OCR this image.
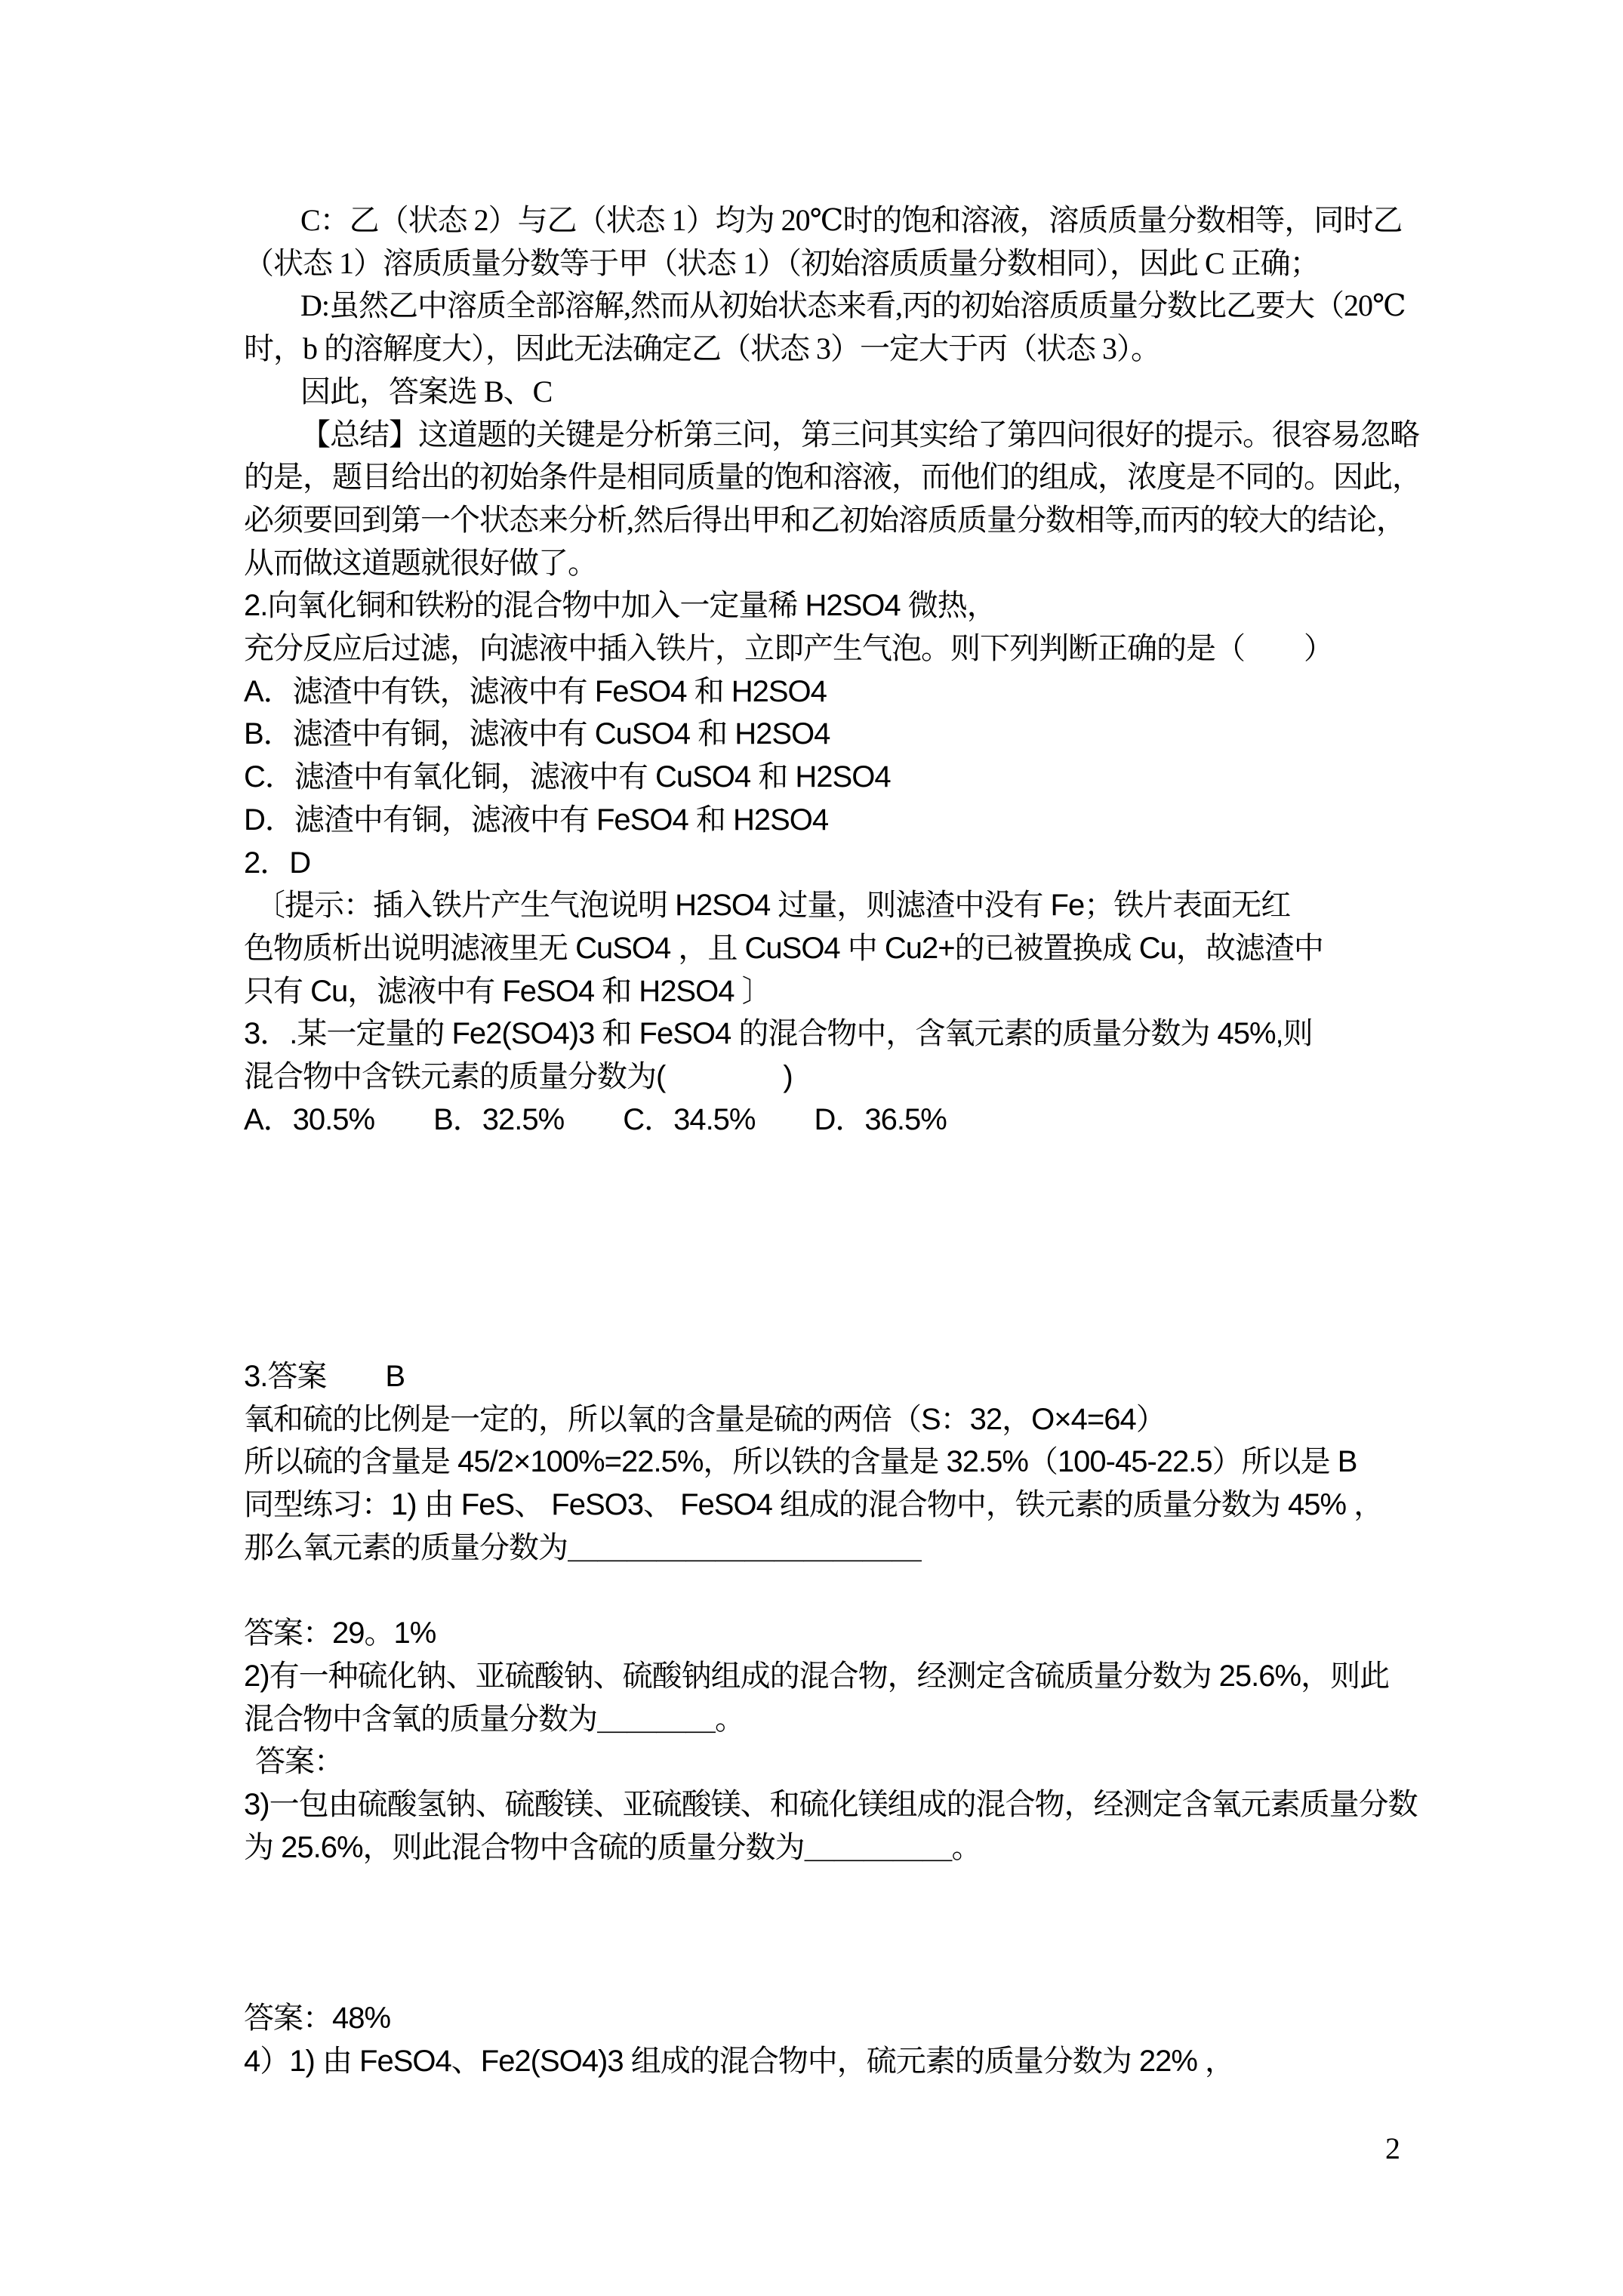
C：乙（状态 2）与乙（状态 1）均为 20℃时的饱和溶液，溶质质量分数相等，同时乙
（状态 1）溶质质量分数等于甲（状态 1）（初始溶质质量分数相同），因此 C 正确；
D:虽然乙中溶质全部溶解,然而从初始状态来看,丙的初始溶质质量分数比乙要大（20℃
时，b 的溶解度大），因此无法确定乙（状态 3）一定大于丙（状态 3）。
因此，答案选 B、C
【总结】这道题的关键是分析第三问，第三问其实给了第四问很好的提示。很容易忽略
的是，题目给出的初始条件是相同质量的饱和溶液，而他们的组成，浓度是不同的。因此，
必须要回到第一个状态来分析,然后得出甲和乙初始溶质质量分数相等,而丙的较大的结论，
从而做这道题就很好做了。
2.向氧化铜和铁粉的混合物中加入一定量稀 H2SO4 微热，
充分反应后过滤，向滤液中插入铁片，立即产生气泡。则下列判断正确的是（　　）
A．滤渣中有铁，滤液中有 FeSO4 和 H2SO4
B．滤渣中有铜，滤液中有 CuSO4 和 H2SO4
C．滤渣中有氧化铜，滤液中有 CuSO4 和 H2SO4
D．滤渣中有铜，滤液中有 FeSO4 和 H2SO4
2．D
〔提示：插入铁片产生气泡说明 H2SO4 过量，则滤渣中没有 Fe；铁片表面无红
色物质析出说明滤液里无 CuSO4 ，且 CuSO4 中 Cu2+的已被置换成 Cu，故滤渣中
只有 Cu，滤液中有 FeSO4 和 H2SO4 〕
3．.某一定量的 Fe2(SO4)3 和 FeSO4 的混合物中，含氧元素的质量分数为 45%,则
混合物中含铁元素的质量分数为(　　　　)
A．30.5%　　B．32.5%　　C．34.5%　　D．36.5%
3.答案　　B
氧和硫的比例是一定的，所以氧的含量是硫的两倍（S：32，O×4=64）
所以硫的含量是 45/2×100%=22.5%，所以铁的含量是 32.5%（100-45-22.5）所以是 B
同型练习：1) 由 FeS、 FeSO3、 FeSO4 组成的混合物中，铁元素的质量分数为 45% ，
那么氧元素的质量分数为＿＿＿＿＿＿＿＿＿＿＿＿
答案：29。1%
2)有一种硫化钠、亚硫酸钠、硫酸钠组成的混合物，经测定含硫质量分数为 25.6%，则此
混合物中含氧的质量分数为＿＿＿＿。
答案：
3)一包由硫酸氢钠、硫酸镁、亚硫酸镁、和硫化镁组成的混合物，经测定含氧元素质量分数
为 25.6%，则此混合物中含硫的质量分数为＿＿＿＿＿。
答案：48%
4）1) 由 FeSO4、Fe2(SO4)3 组成的混合物中，硫元素的质量分数为 22% ，
2
